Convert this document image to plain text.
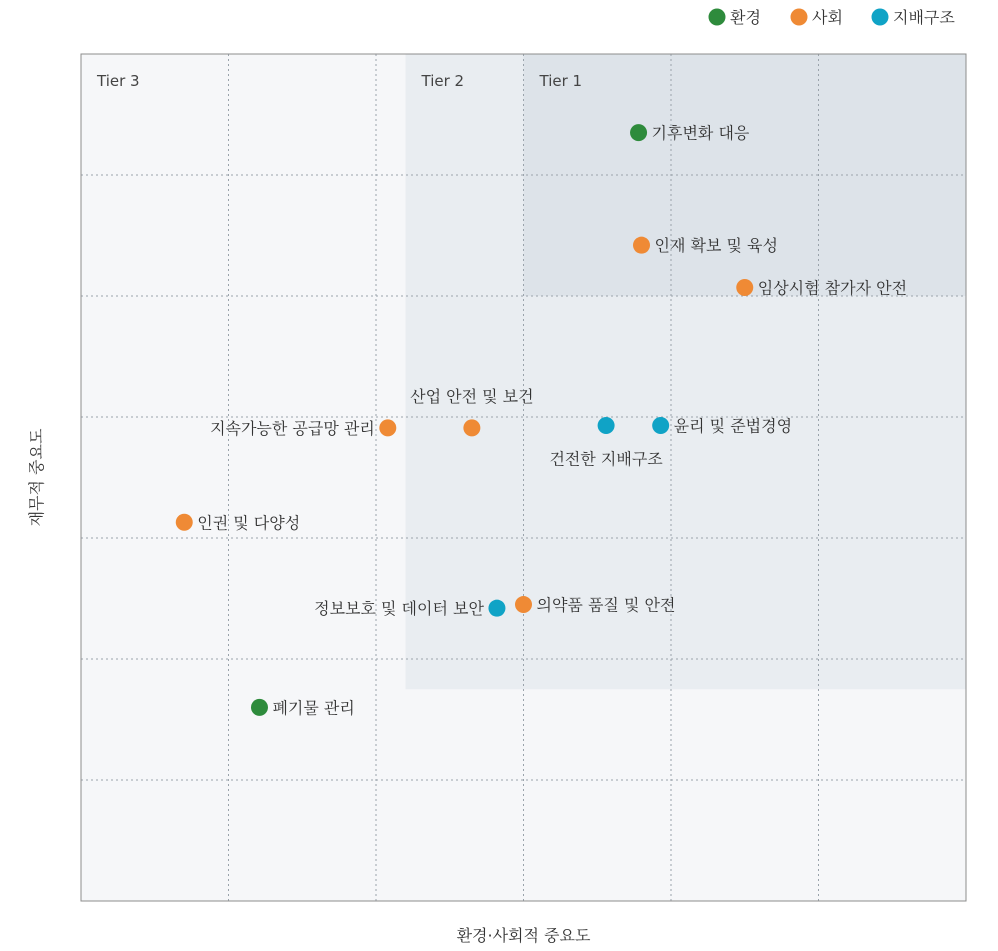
Tier 3	Tier 2	Tier 1
기후변화 대응
인재 확보 및 육성
임상시험 참가자 안전
산업 안전 및 보건
지속가능한 공급망 관리
건전한 지배구조
윤리 및 준법경영
인권 및 다양성
정보보호 및 데이터 보안	의약품 품질 및 안전
폐기물 관리
환경·사회적 중요도
재무적 중요도
환경	사회	지배구조
